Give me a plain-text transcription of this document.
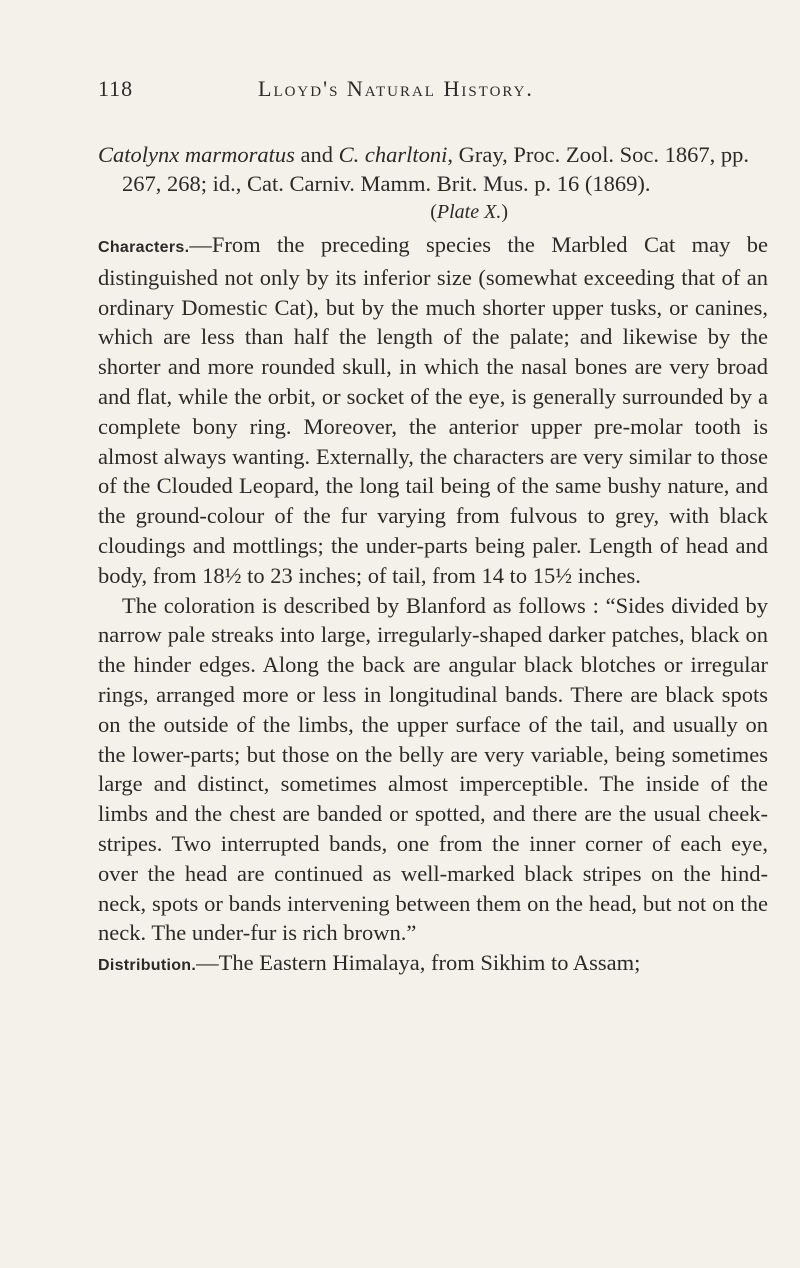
118	Lloyd's Natural History.

Catolynx marmoratus and C. charltoni, Gray, Proc. Zool. Soc. 1867, pp. 267, 268; id., Cat. Carniv. Mamm. Brit. Mus. p. 16 (1869).

(Plate X.)

Characters.—From the preceding species the Marbled Cat may be distinguished not only by its inferior size (somewhat exceeding that of an ordinary Domestic Cat), but by the much shorter upper tusks, or canines, which are less than half the length of the palate; and likewise by the shorter and more rounded skull, in which the nasal bones are very broad and flat, while the orbit, or socket of the eye, is generally surrounded by a complete bony ring. Moreover, the anterior upper pre-molar tooth is almost always wanting. Externally, the characters are very similar to those of the Clouded Leopard, the long tail being of the same bushy nature, and the ground-colour of the fur varying from fulvous to grey, with black cloudings and mottlings; the under-parts being paler. Length of head and body, from 18½ to 23 inches; of tail, from 14 to 15½ inches.

The coloration is described by Blanford as follows : “Sides divided by narrow pale streaks into large, irregularly-shaped darker patches, black on the hinder edges. Along the back are angular black blotches or irregular rings, arranged more or less in longitudinal bands. There are black spots on the outside of the limbs, the upper surface of the tail, and usually on the lower-parts; but those on the belly are very variable, being sometimes large and distinct, sometimes almost imperceptible. The inside of the limbs and the chest are banded or spotted, and there are the usual cheek-stripes. Two interrupted bands, one from the inner corner of each eye, over the head are continued as well-marked black stripes on the hind-neck, spots or bands intervening between them on the head, but not on the neck. The under-fur is rich brown.”

Distribution.—The Eastern Himalaya, from Sikhim to Assam;
